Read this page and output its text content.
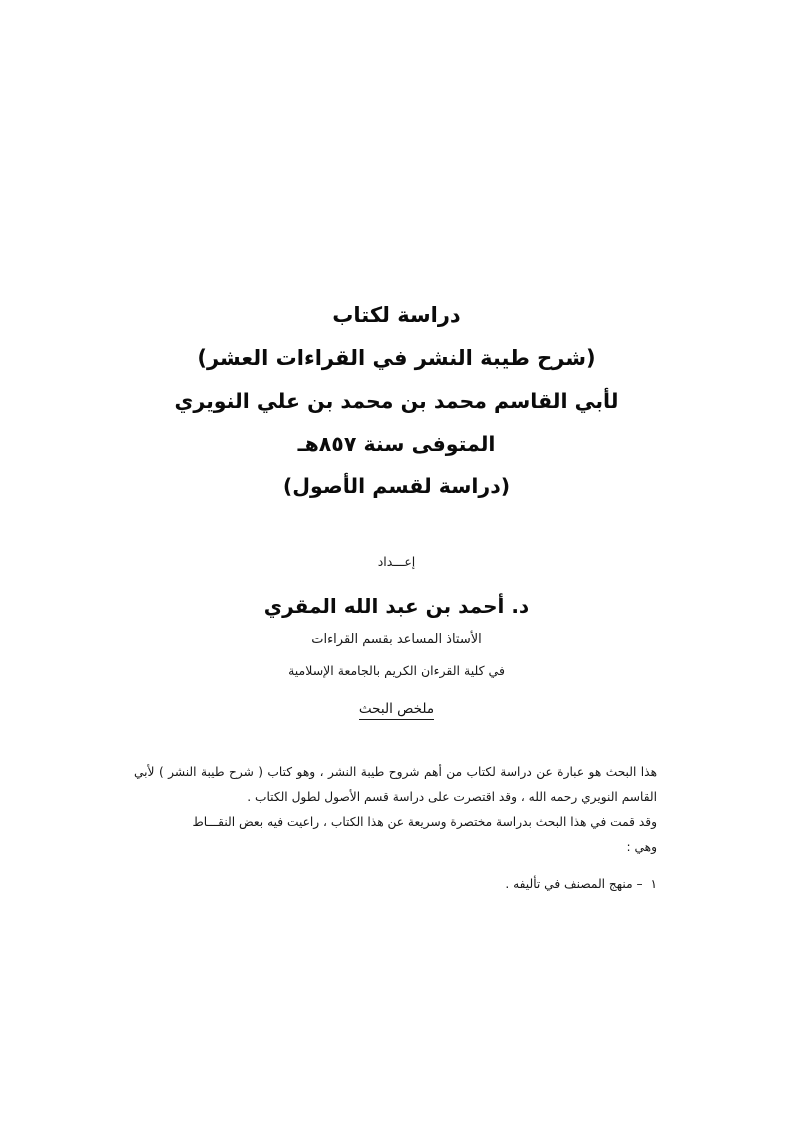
دراسة لكتاب
(شرح طيبة النشر في القراءات العشر)
لأبي القاسم محمد بن محمد بن علي النويري
المتوفى سنة ٨٥٧هـ
(دراسة لقسم الأصول)
إعـــداد
د. أحمد بن عبد الله المقري
الأستاذ المساعد بقسم القراءات
في كلية القرءان الكريم بالجامعة الإسلامية
ملخص البحث

هذا البحث هو عبارة عن دراسة لكتاب من أهم شروح طيبة النشر ، وهو كتاب ( شرح طيبة النشر ) لأبي القاسم النويري رحمه الله ، وقد اقتصرت على دراسة قسم الأصول لطول الكتاب .

وقد قمت في هذا البحث بدراسة مختصرة وسريعة عن هذا الكتاب ، راعيت فيه بعض النقـــاط

وهي :
١ – منهج المصنف في تأليفه .
